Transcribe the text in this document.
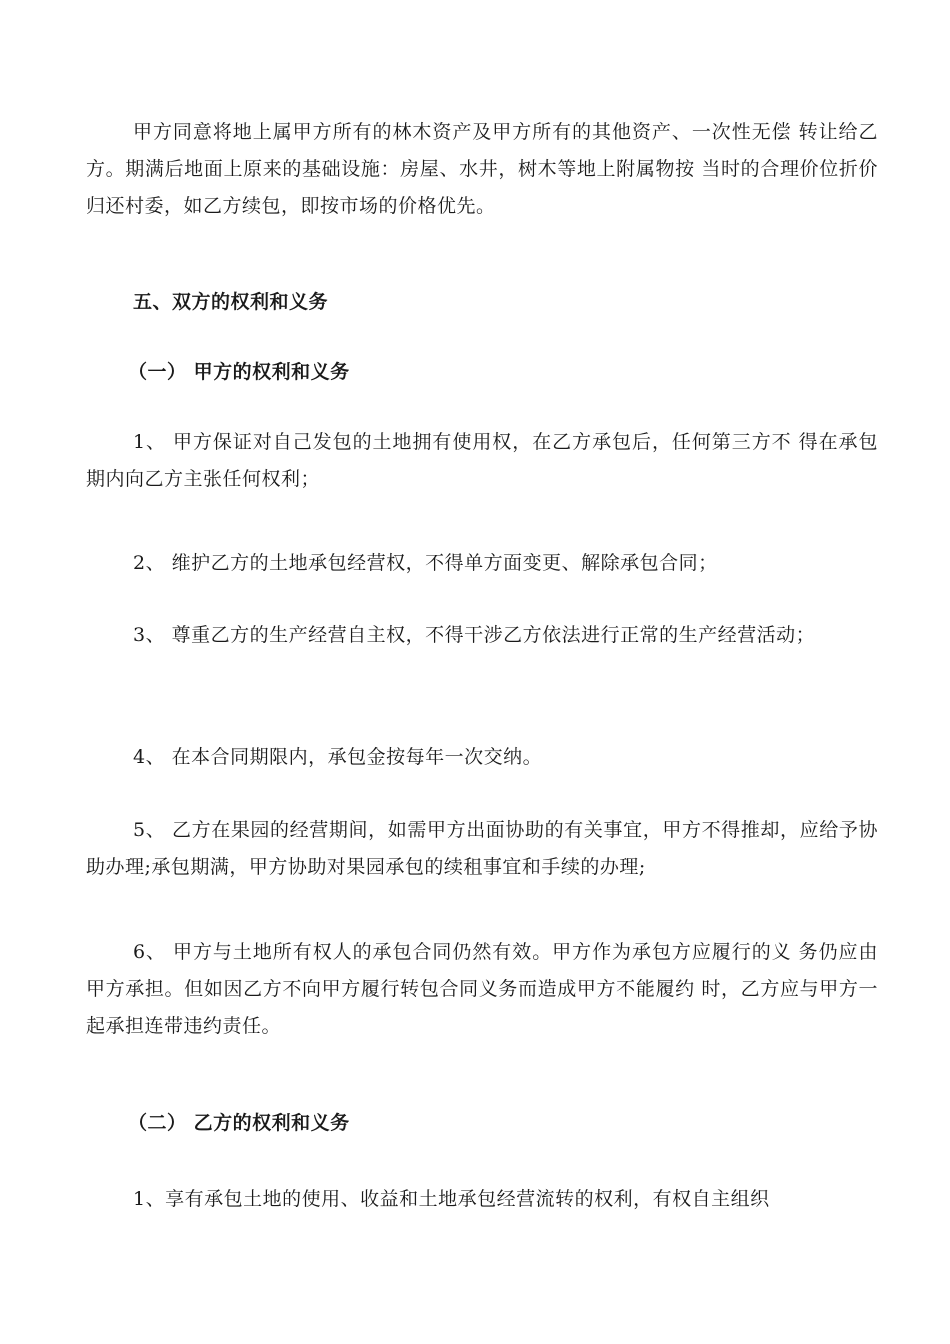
甲方同意将地上属甲方所有的林木资产及甲方所有的其他资产、一次性无偿 转让给乙方。期满后地面上原来的基础设施：房屋、水井，树木等地上附属物按 当时的合理价位折价归还村委，如乙方续包，即按市场的价格优先。

五、双方的权利和义务

（一） 甲方的权利和义务

1、 甲方保证对自己发包的土地拥有使用权，在乙方承包后，任何第三方不 得在承包期内向乙方主张任何权利；

2、 维护乙方的土地承包经营权，不得单方面变更、解除承包合同；

3、 尊重乙方的生产经营自主权，不得干涉乙方依法进行正常的生产经营活动；

4、 在本合同期限内，承包金按每年一次交纳。

5、 乙方在果园的经营期间，如需甲方出面协助的有关事宜，甲方不得推却，应给予协助办理;承包期满，甲方协助对果园承包的续租事宜和手续的办理;

6、 甲方与土地所有权人的承包合同仍然有效。甲方作为承包方应履行的义 务仍应由甲方承担。但如因乙方不向甲方履行转包合同义务而造成甲方不能履约 时，乙方应与甲方一起承担连带违约责任。

（二） 乙方的权利和义务

1、享有承包土地的使用、收益和土地承包经营流转的权利，有权自主组织
